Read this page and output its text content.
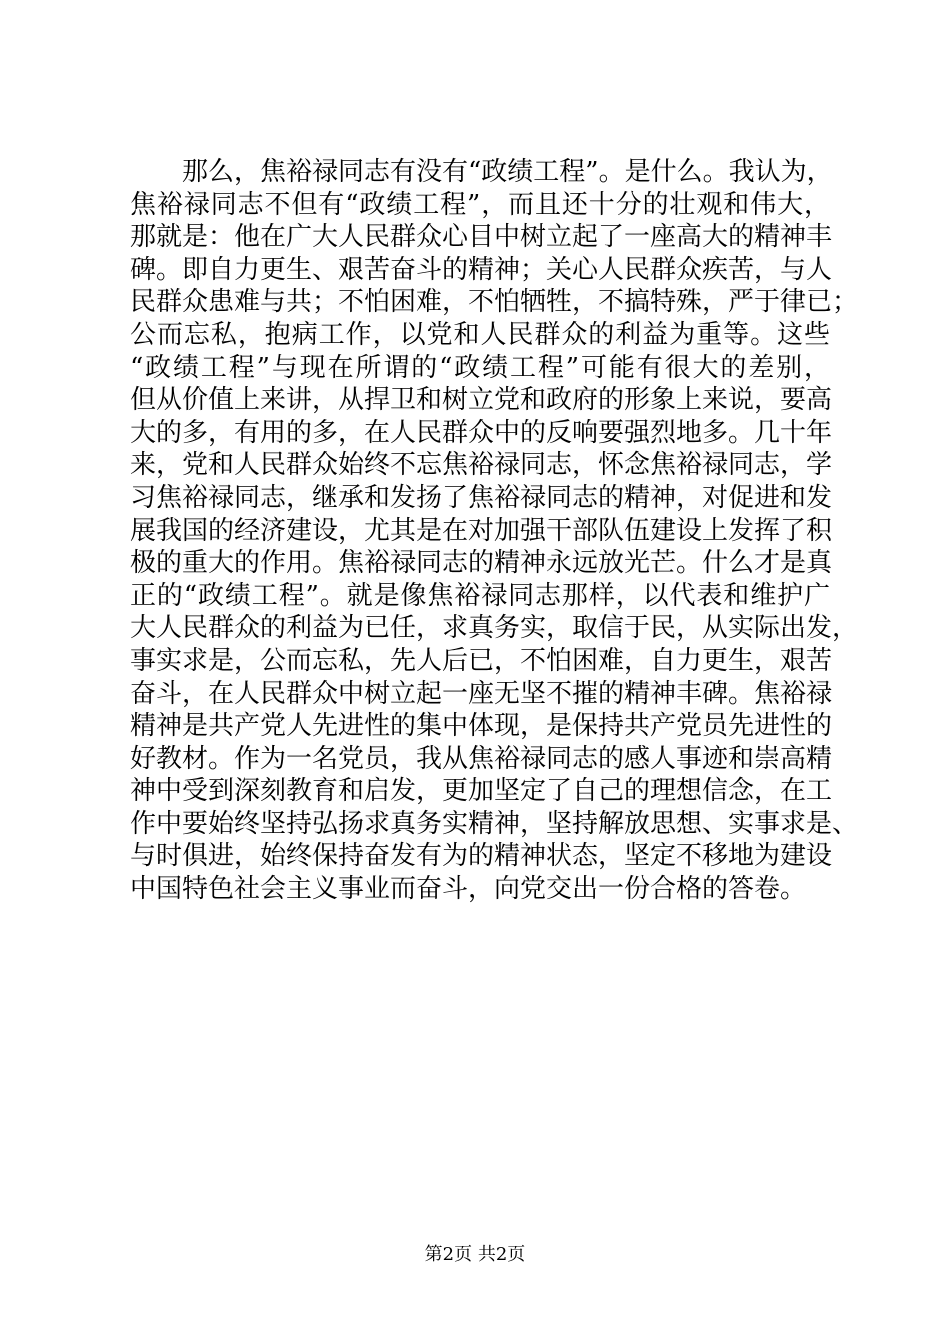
那么，焦裕禄同志有没有“政绩工程”。是什么。我认为，
焦裕禄同志不但有“政绩工程”，而且还十分的壮观和伟大，
那就是：他在广大人民群众心目中树立起了一座高大的精神丰
碑。即自力更生、艰苦奋斗的精神；关心人民群众疾苦，与人
民群众患难与共；不怕困难，不怕牺牲，不搞特殊，严于律已；
公而忘私，抱病工作，以党和人民群众的利益为重等。这些
“政绩工程”与现在所谓的“政绩工程”可能有很大的差别，
但从价值上来讲，从捍卫和树立党和政府的形象上来说，要高
大的多，有用的多，在人民群众中的反响要强烈地多。几十年
来，党和人民群众始终不忘焦裕禄同志，怀念焦裕禄同志，学
习焦裕禄同志，继承和发扬了焦裕禄同志的精神，对促进和发
展我国的经济建设，尤其是在对加强干部队伍建设上发挥了积
极的重大的作用。焦裕禄同志的精神永远放光芒。什么才是真
正的“政绩工程”。就是像焦裕禄同志那样，以代表和维护广
大人民群众的利益为已任，求真务实，取信于民，从实际出发，
事实求是，公而忘私，先人后已，不怕困难，自力更生，艰苦
奋斗，在人民群众中树立起一座无坚不摧的精神丰碑。焦裕禄
精神是共产党人先进性的集中体现，是保持共产党员先进性的
好教材。作为一名党员，我从焦裕禄同志的感人事迹和崇高精
神中受到深刻教育和启发，更加坚定了自己的理想信念，在工
作中要始终坚持弘扬求真务实精神，坚持解放思想、实事求是、
与时俱进，始终保持奋发有为的精神状态，坚定不移地为建设
中国特色社会主义事业而奋斗，向党交出一份合格的答卷。
第2页 共2页
